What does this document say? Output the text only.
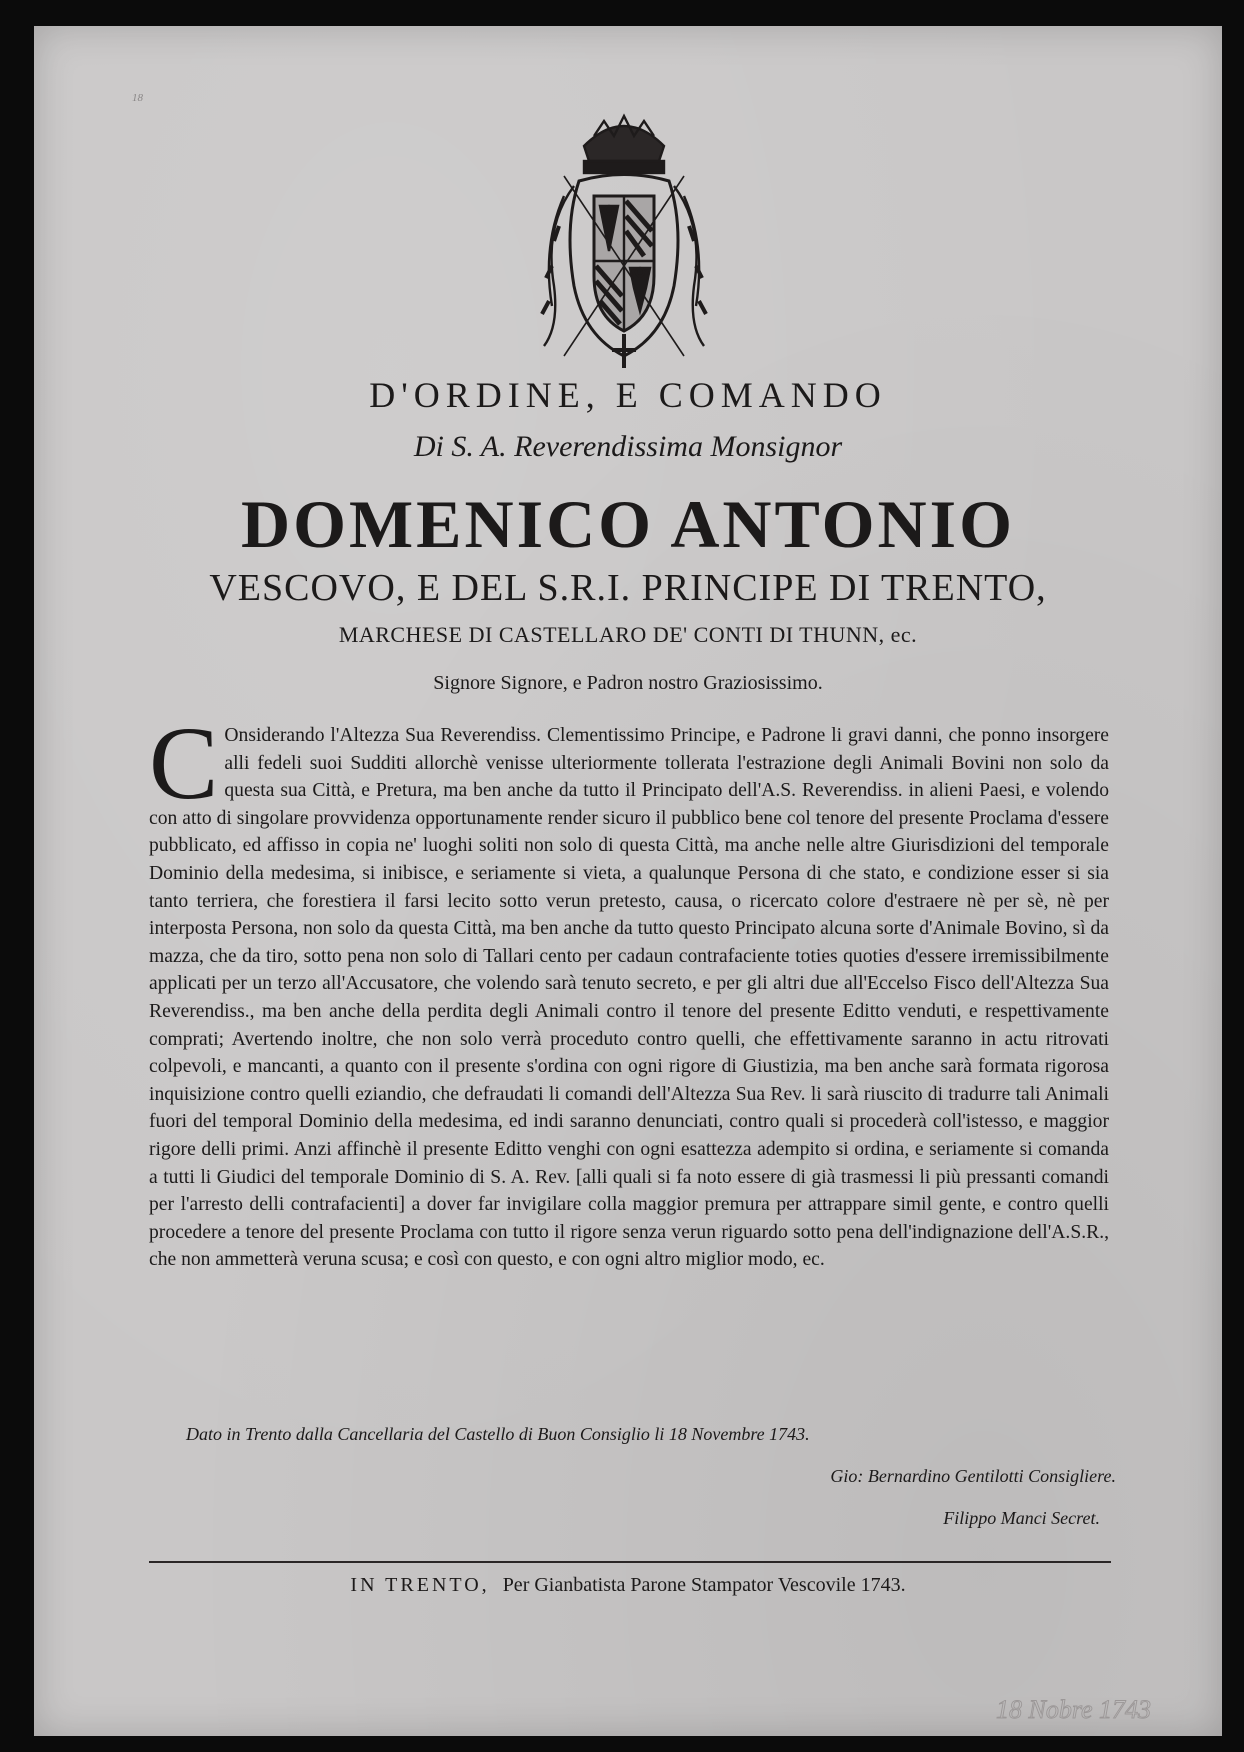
18
D'ORDINE, E COMANDO
Di S. A. Reverendissima Monsignor
DOMENICO ANTONIO
VESCOVO, E DEL S.R.I. PRINCIPE DI TRENTO,
MARCHESE DI CASTELLARO DE' CONTI DI THUNN, ec.
Signore Signore, e Padron nostro Graziosissimo.
C Onsiderando l'Altezza Sua Reverendiss. Clementissimo Principe, e Padrone li gravi danni, che ponno insorgere alli fedeli suoi Sudditi allorchè venisse ulteriormente tollerata l'estrazione degli Animali Bovini non solo da questa sua Città, e Pretura, ma ben anche da tutto il Principato dell'A.S. Reverendiss. in alieni Paesi, e volendo con atto di singolare provvidenza opportunamente render sicuro il pubblico bene col tenore del presente Proclama d'essere pubblicato, ed affisso in copia ne' luoghi soliti non solo di questa Città, ma anche nelle altre Giurisdizioni del temporale Dominio della medesima, si inibisce, e seriamente si vieta, a qualunque Persona di che stato, e condizione esser si sia tanto terriera, che forestiera il farsi lecito sotto verun pretesto, causa, o ricercato colore d'estraere nè per sè, nè per interposta Persona, non solo da questa Città, ma ben anche da tutto questo Principato alcuna sorte d'Animale Bovino, sì da mazza, che da tiro, sotto pena non solo di Tallari cento per cadaun contrafaciente toties quoties d'essere irremissibilmente applicati per un terzo all'Accusatore, che volendo sarà tenuto secreto, e per gli altri due all'Eccelso Fisco dell'Altezza Sua Reverendiss., ma ben anche della perdita degli Animali contro il tenore del presente Editto venduti, e respettivamente comprati; Avertendo inoltre, che non solo verrà proceduto contro quelli, che effettivamente saranno in actu ritrovati colpevoli, e mancanti, a quanto con il presente s'ordina con ogni rigore di Giustizia, ma ben anche sarà formata rigorosa inquisizione contro quelli eziandio, che defraudati li comandi dell'Altezza Sua Rev. li sarà riuscito di tradurre tali Animali fuori del temporal Dominio della medesima, ed indi saranno denunciati, contro quali si procederà coll'istesso, e maggior rigore delli primi. Anzi affinchè il presente Editto venghi con ogni esattezza adempito si ordina, e seriamente si comanda a tutti li Giudici del temporale Dominio di S. A. Rev. [alli quali si fa noto essere di già trasmessi li più pressanti comandi per l'arresto delli contrafacienti] a dover far invigilare colla maggior premura per attrappare simil gente, e contro quelli procedere a tenore del presente Proclama con tutto il rigore senza verun riguardo sotto pena dell'indignazione dell'A.S.R., che non ammetterà veruna scusa; e così con questo, e con ogni altro miglior modo, ec.
Dato in Trento dalla Cancellaria del Castello di Buon Consiglio li 18 Novembre 1743.
Gio: Bernardino Gentilotti Consigliere.
Filippo Manci Secret.
IN TRENTO, Per Gianbatista Parone Stampator Vescovile 1743.
18 Nobre 1743
